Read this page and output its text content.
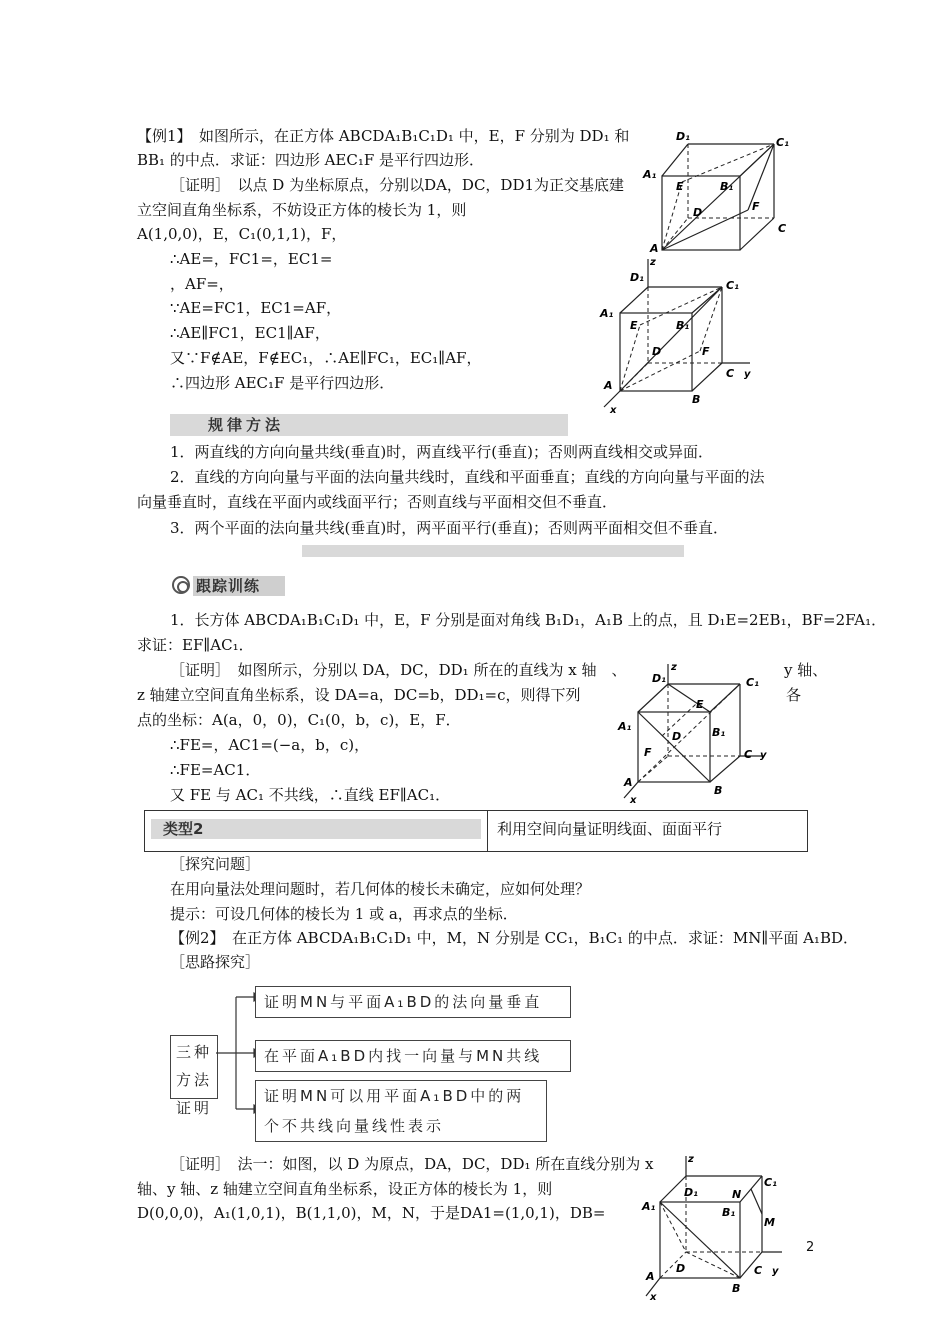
【例1】　如图所示，在正方体 ABCDA₁B₁C₁D₁ 中，E，F 分别为 DD₁ 和
BB₁ 的中点．求证：四边形 AEC₁F 是平行四边形．
［证明］　以点 D 为坐标原点，分别以DA，DC，DD1为正交基底建
立空间直角坐标系，不妨设正方体的棱长为 1，则
A(1,0,0)，E，C₁(0,1,1)，F，
∴AE=，FC1=，EC1=
，AF=，
∵AE=FC1，EC1=AF，
∴AE∥FC1，EC1∥AF，
又∵F∉AE，F∉EC₁，∴AE∥FC₁，EC₁∥AF，
∴四边形 AEC₁F 是平行四边形．
D₁	C₁
A₁
E	B₁
D	F
C
A
z
D₁
C₁
A₁
E	B₁
D	F
C y
A
B
x
规律方法
1．两直线的方向向量共线(垂直)时，两直线平行(垂直)；否则两直线相交或异面．
2．直线的方向向量与平面的法向量共线时，直线和平面垂直；直线的方向向量与平面的法
向量垂直时，直线在平面内或线面平行；否则直线与平面相交但不垂直．
3．两个平面的法向量共线(垂直)时，两平面平行(垂直)；否则两平面相交但不垂直．
跟踪训练
1．长方体 ABCDA₁B₁C₁D₁ 中，E，F 分别是面对角线 B₁D₁，A₁B 上的点，且 D₁E=2EB₁，BF=2FA₁．
求证：EF∥AC₁．
［证明］　如图所示，分别以 DA，DC，DD₁ 所在的直线为 x 轴　、	y 轴、
z 轴建立空间直角坐标系，设 DA=a，DC=b，DD₁=c，则得下列	各
点的坐标：A(a，0，0)，C₁(0，b，c)，E，F．
∴FE=，AC1=(−a，b，c)，
∴FE=AC1．
又 FE 与 AC₁ 不共线，∴直线 EF∥AC₁．
z
D₁	C₁
E
A₁
D	B₁
F	C y
A
B
x
类型2	利用空间向量证明线面、面面平行
［探究问题］
在用向量法处理问题时，若几何体的棱长未确定，应如何处理？
提示：可设几何体的棱长为 1 或 a，再求点的坐标．
【例2】　在正方体 ABCDA₁B₁C₁D₁ 中，M，N 分别是 CC₁，B₁C₁ 的中点．求证：MN∥平面 A₁BD．
［思路探究］
三种
方法
证明
证明MN与平面A₁BD的法向量垂直
在平面A₁BD内找一向量与MN共线
证明MN可以用平面A₁BD中的两
个不共线向量线性表示
［证明］　法一：如图，以 D 为原点，DA，DC，DD₁ 所在直线分别为 x
轴、y 轴、z 轴建立空间直角坐标系，设正方体的棱长为 1，则
D(0,0,0)，A₁(1,0,1)，B(1,1,0)，M，N，于是DA1=(1,0,1)，DB=
z
D₁	N
C₁
A₁	B₁
M
D	C y
A
B
x
2
